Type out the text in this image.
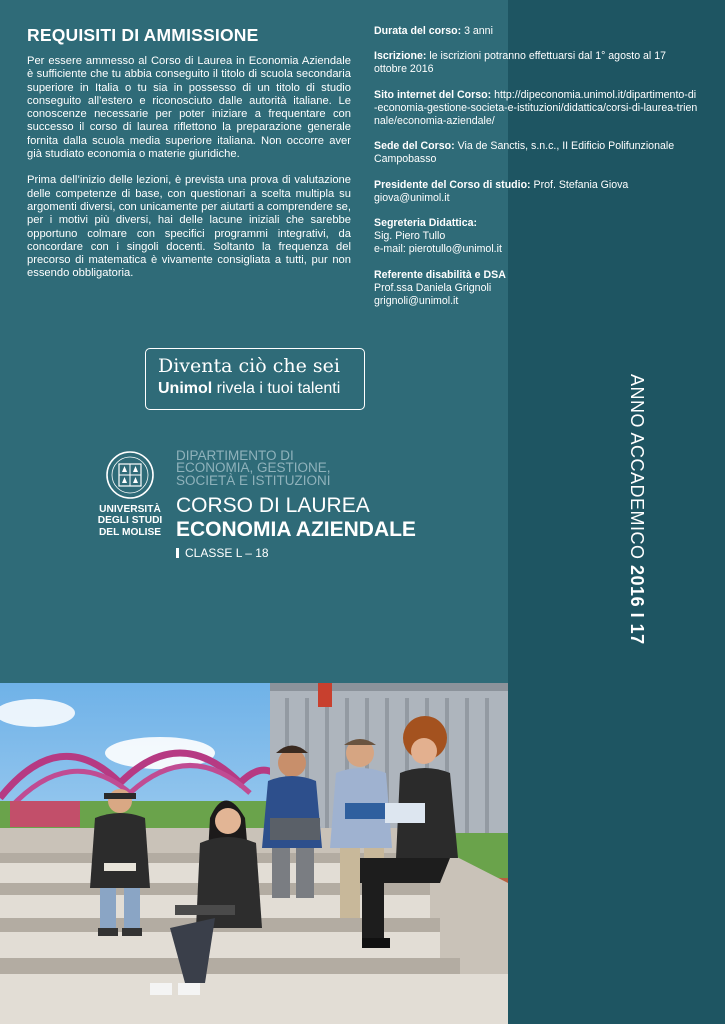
REQUISITI DI AMMISSIONE

Per essere ammesso al Corso di Laurea in Economia Aziendale è sufficiente che tu abbia conseguito il titolo di scuola secondaria superiore in Italia o tu sia in possesso di un titolo di studio conseguito all’estero e riconosciuto dalle autorità italiane. Le conoscenze necessarie per poter iniziare a frequentare con successo il corso di laurea riflettono la preparazione generale fornita dalla scuola media superiore italiana. Non occorre aver già studiato economia o materie giuridiche.

Prima dell’inizio delle lezioni, è prevista una prova di valutazione delle competenze di base, con questionari a scelta multipla su argomenti diversi, con unicamente per aiutarti a comprendere se, per i motivi più diversi, hai delle lacune iniziali che sarebbe opportuno colmare con specifici programmi integrativi, da concordare con i singoli docenti. Soltanto la frequenza del precorso di matematica è vivamente consigliata a tutti, pur non essendo obbligatoria.

Durata del corso: 3 anni
Iscrizione: le iscrizioni potranno effettuarsi dal 1° agosto al 17 ottobre 2016
Sito internet del Corso: http://dipeconomia.unimol.it/dipartimento-di-economia-gestione-societa-e-istituzioni/didattica/corsi-di-laurea-triennale/economia-aziendale/
Sede del Corso: Via de Sanctis, s.n.c., II Edificio Polifunzionale Campobasso
Presidente del Corso di studio: Prof. Stefania Giova
giova@unimol.it
Segreteria Didattica:
Sig. Piero Tullo
e-mail: pierotullo@unimol.it
Referente disabilità e DSA
Prof.ssa Daniela Grignoli
grignoli@unimol.it
Diventa ciò che sei
Unimol rivela i tuoi talenti
UNIVERSITÀ
DEGLI STUDI
DEL MOLISE
DIPARTIMENTO DI
ECONOMIA, GESTIONE,
SOCIETÀ E ISTITUZIONI
CORSO DI LAUREA
ECONOMIA AZIENDALE
CLASSE L – 18	ANNO ACCADEMICO 2016 I 17
